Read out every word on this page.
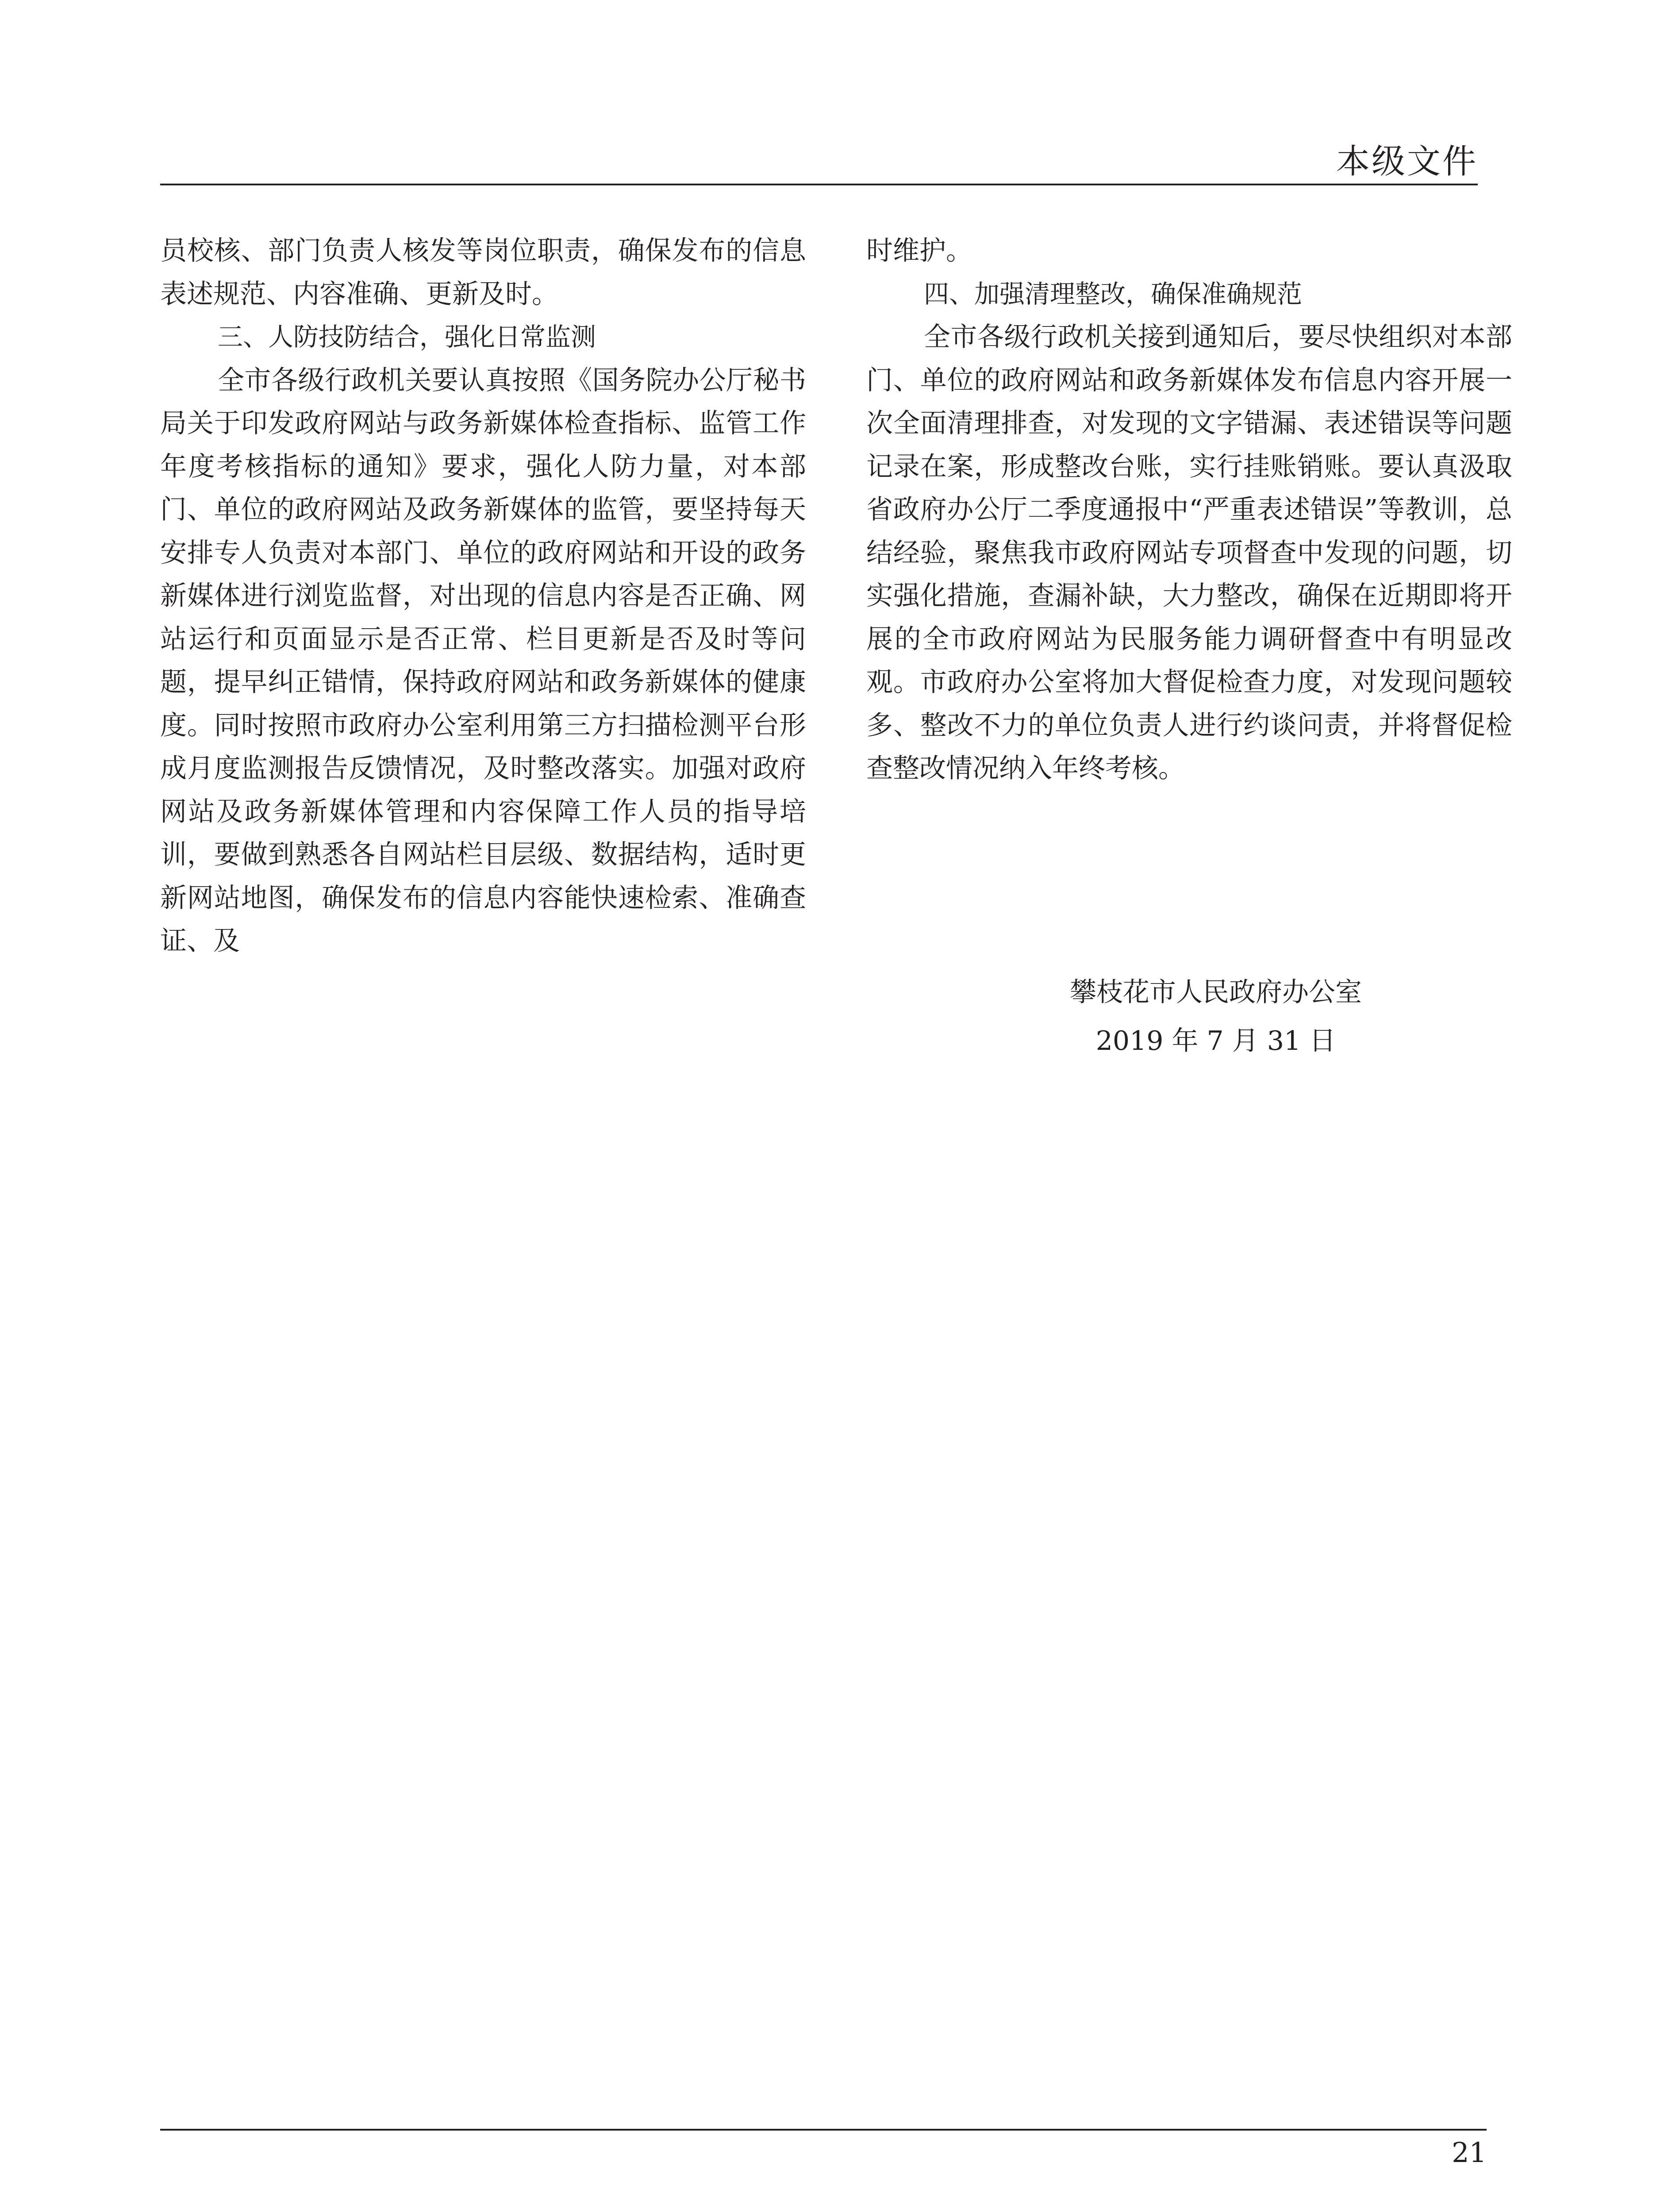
本级文件

员校核、部门负责人核发等岗位职责，确保发布的信息表述规范、内容准确、更新及时。

三、人防技防结合，强化日常监测

全市各级行政机关要认真按照《国务院办公厅秘书局关于印发政府网站与政务新媒体检查指标、监管工作年度考核指标的通知》要求，强化人防力量，对本部门、单位的政府网站及政务新媒体的监管，要坚持每天安排专人负责对本部门、单位的政府网站和开设的政务新媒体进行浏览监督，对出现的信息内容是否正确、网站运行和页面显示是否正常、栏目更新是否及时等问题，提早纠正错情，保持政府网站和政务新媒体的健康度。同时按照市政府办公室利用第三方扫描检测平台形成月度监测报告反馈情况，及时整改落实。加强对政府网站及政务新媒体管理和内容保障工作人员的指导培训，要做到熟悉各自网站栏目层级、数据结构，适时更新网站地图，确保发布的信息内容能快速检索、准确查证、及

时维护。

四、加强清理整改，确保准确规范

全市各级行政机关接到通知后，要尽快组织对本部门、单位的政府网站和政务新媒体发布信息内容开展一次全面清理排查，对发现的文字错漏、表述错误等问题记录在案，形成整改台账，实行挂账销账。要认真汲取省政府办公厅二季度通报中“严重表述错误”等教训，总结经验，聚焦我市政府网站专项督查中发现的问题，切实强化措施，查漏补缺，大力整改，确保在近期即将开展的全市政府网站为民服务能力调研督查中有明显改观。市政府办公室将加大督促检查力度，对发现问题较多、整改不力的单位负责人进行约谈问责，并将督促检查整改情况纳入年终考核。

攀枝花市人民政府办公室
2019 年 7 月 31 日
21
